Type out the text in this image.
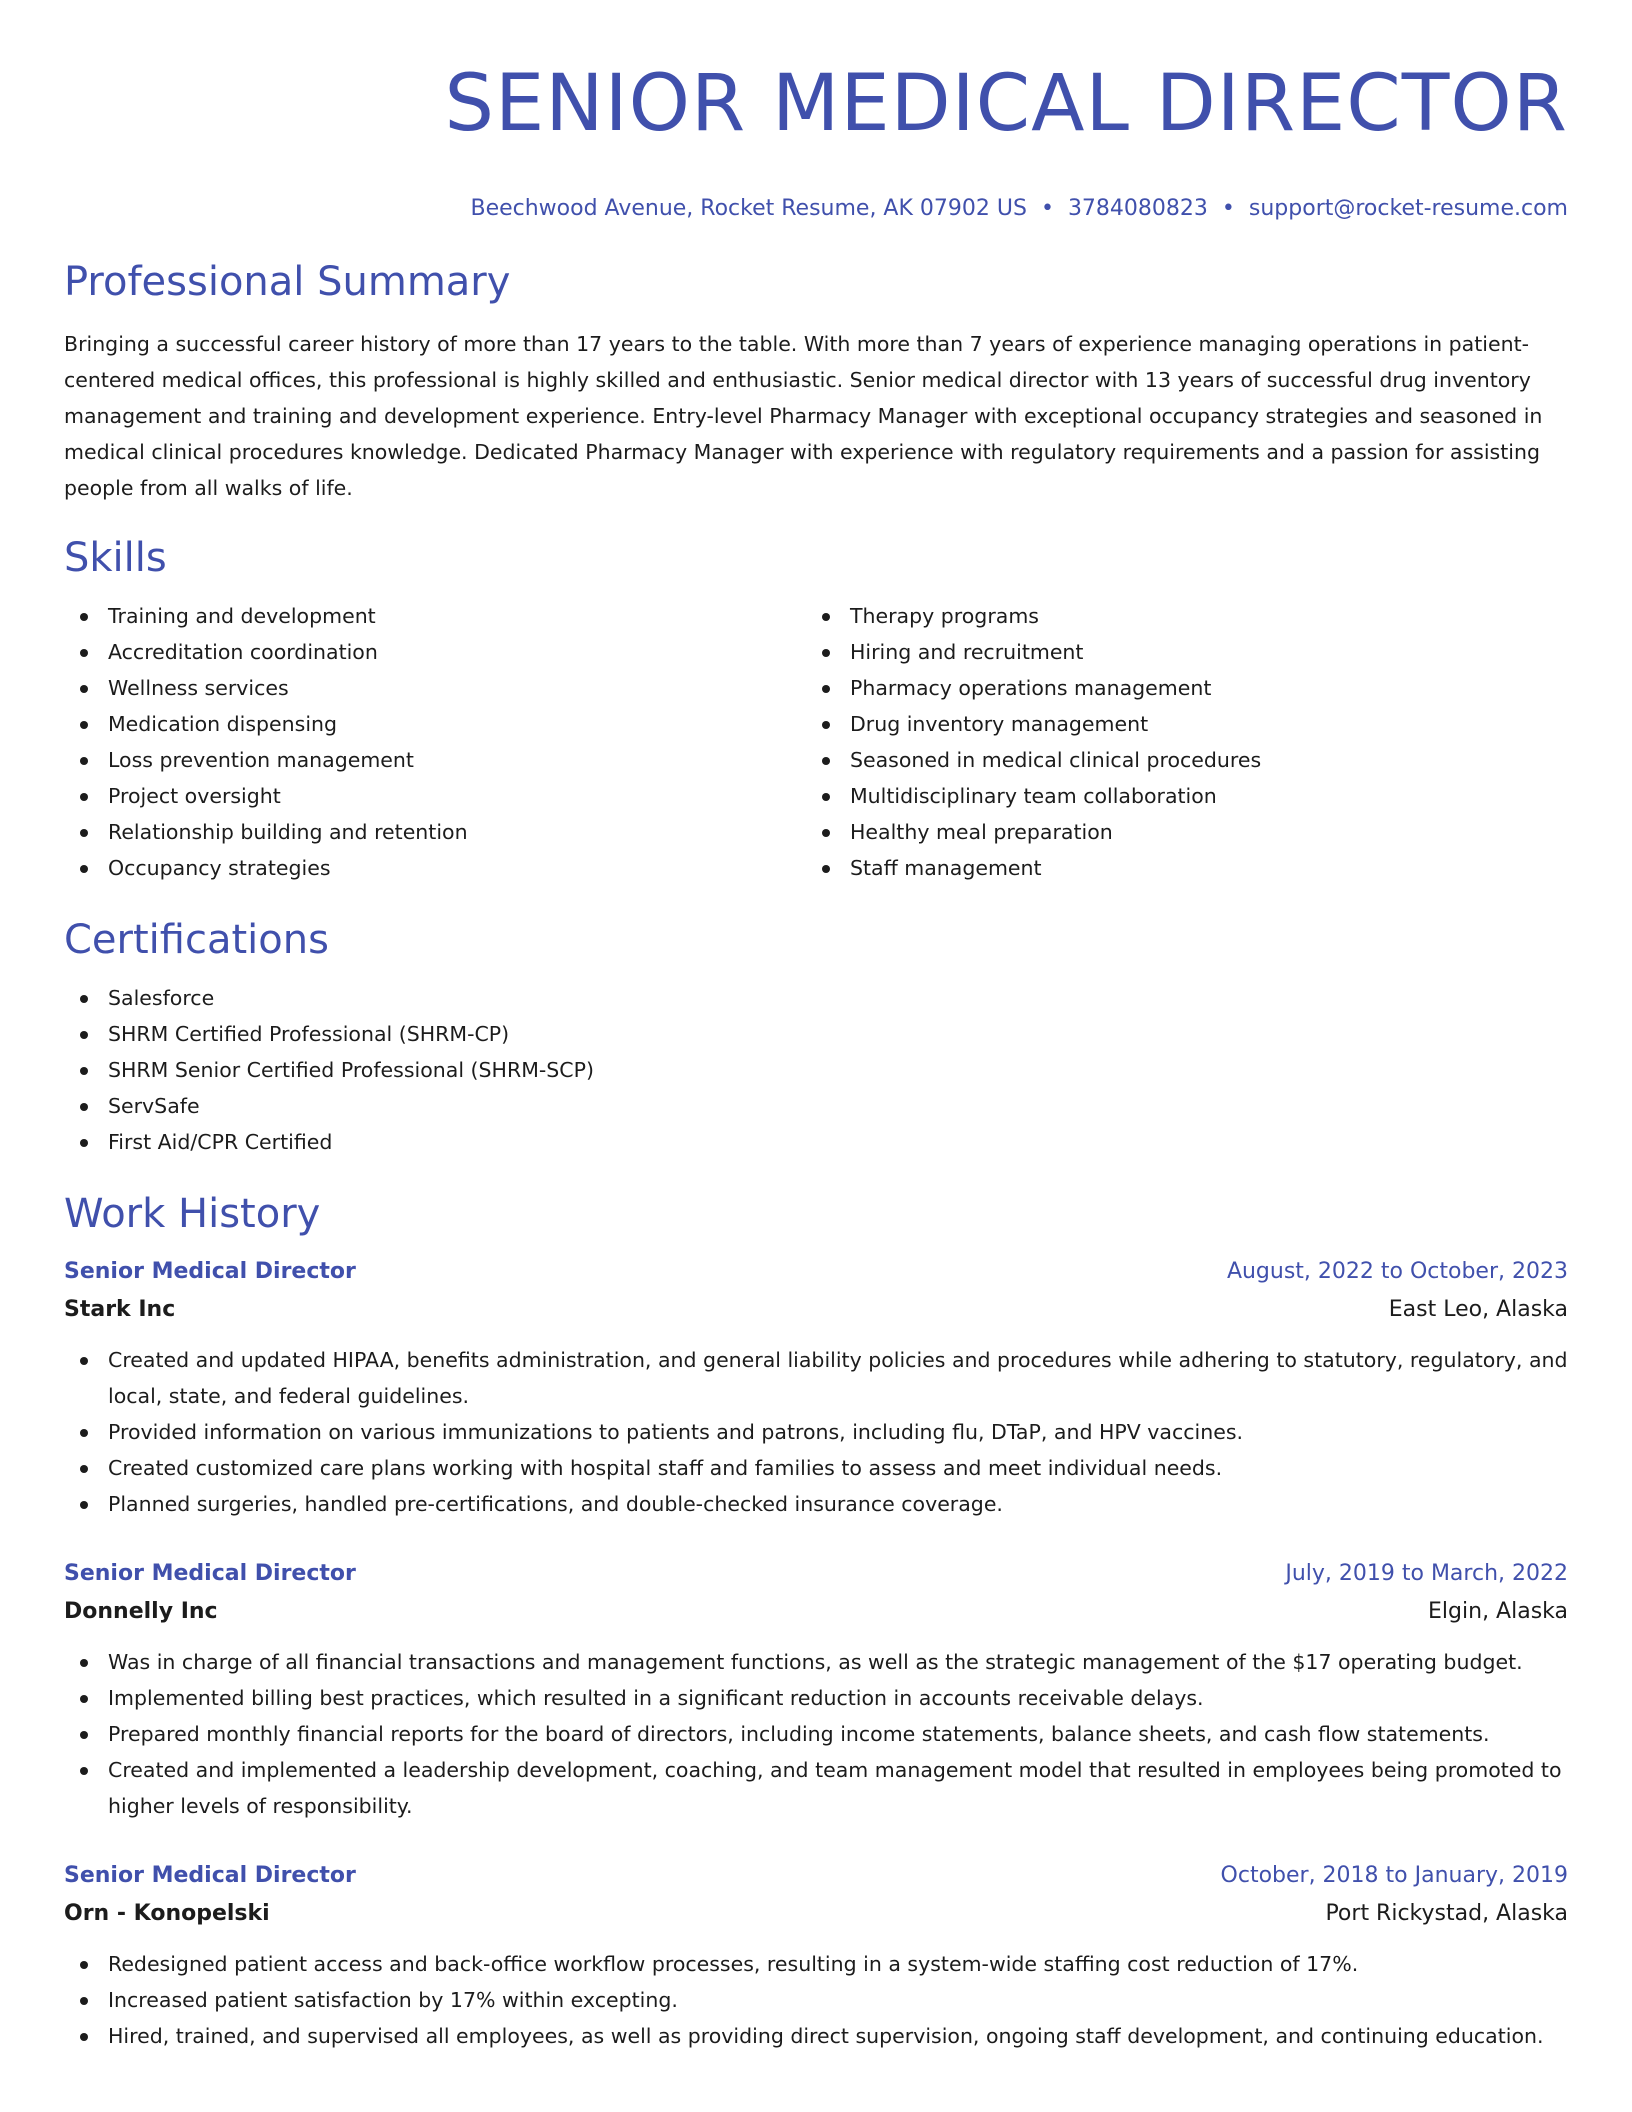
SENIOR MEDICAL DIRECTOR
Beechwood Avenue, Rocket Resume, AK 07902 US • 3784080823 • support@rocket-resume.com
Professional Summary
Bringing a successful career history of more than 17 years to the table. With more than 7 years of experience managing operations in patient-centered medical offices, this professional is highly skilled and enthusiastic. Senior medical director with 13 years of successful drug inventory management and training and development experience. Entry-level Pharmacy Manager with exceptional occupancy strategies and seasoned in medical clinical procedures knowledge. Dedicated Pharmacy Manager with experience with regulatory requirements and a passion for assisting people from all walks of life.
Skills
Training and development
Accreditation coordination
Wellness services
Medication dispensing
Loss prevention management
Project oversight
Relationship building and retention
Occupancy strategies
Therapy programs
Hiring and recruitment
Pharmacy operations management
Drug inventory management
Seasoned in medical clinical procedures
Multidisciplinary team collaboration
Healthy meal preparation
Staff management
Certifications
Salesforce
SHRM Certified Professional (SHRM-CP)
SHRM Senior Certified Professional (SHRM-SCP)
ServSafe
First Aid/CPR Certified
Work History
Senior Medical Director	August, 2022 to October, 2023
Stark Inc	East Leo, Alaska
Created and updated HIPAA, benefits administration, and general liability policies and procedures while adhering to statutory, regulatory, and local, state, and federal guidelines.
Provided information on various immunizations to patients and patrons, including flu, DTaP, and HPV vaccines.
Created customized care plans working with hospital staff and families to assess and meet individual needs.
Planned surgeries, handled pre-certifications, and double-checked insurance coverage.
Senior Medical Director	July, 2019 to March, 2022
Donnelly Inc	Elgin, Alaska
Was in charge of all financial transactions and management functions, as well as the strategic management of the $17 operating budget.
Implemented billing best practices, which resulted in a significant reduction in accounts receivable delays.
Prepared monthly financial reports for the board of directors, including income statements, balance sheets, and cash flow statements.
Created and implemented a leadership development, coaching, and team management model that resulted in employees being promoted to higher levels of responsibility.
Senior Medical Director	October, 2018 to January, 2019
Orn - Konopelski	Port Rickystad, Alaska
Redesigned patient access and back-office workflow processes, resulting in a system-wide staffing cost reduction of 17%.
Increased patient satisfaction by 17% within excepting.
Hired, trained, and supervised all employees, as well as providing direct supervision, ongoing staff development, and continuing education.
